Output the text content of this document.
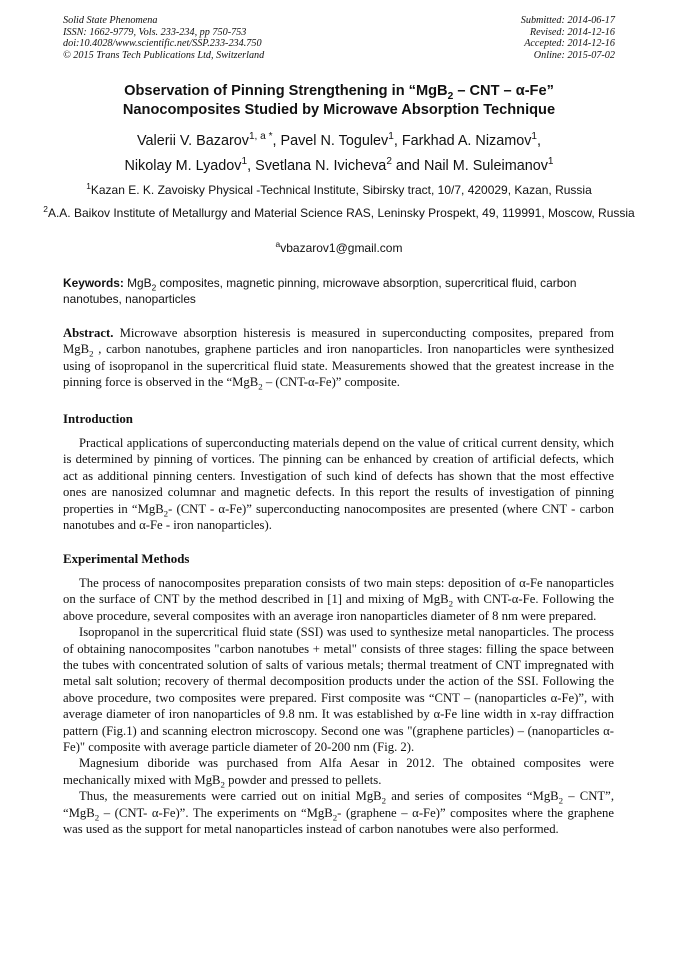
Solid State Phenomena
ISSN: 1662-9779, Vols. 233-234, pp 750-753
doi:10.4028/www.scientific.net/SSP.233-234.750
© 2015 Trans Tech Publications Ltd, Switzerland
Submitted: 2014-06-17
Revised: 2014-12-16
Accepted: 2014-12-16
Online: 2015-07-02
Observation of Pinning Strengthening in “MgB$_2$ – CNT – α-Fe”
Nanocomposites Studied by Microwave Absorption Technique
Valerii V. Bazarov$^{1, a *}$, Pavel N. Togulev$^1$, Farkhad A. Nizamov$^1$,
Nikolay M. Lyadov$^1$, Svetlana N. Ivicheva$^2$ and Nail M. Suleimanov$^1$
$^1$Kazan E. K. Zavoisky Physical -Technical Institute, Sibirsky tract, 10/7, 420029, Kazan, Russia
$^2$A.A. Baikov Institute of Metallurgy and Material Science RAS, Leninsky Prospekt, 49, 119991, Moscow, Russia
$^a$vbazarov1@gmail.com
Keywords: MgB$_2$ composites, magnetic pinning, microwave absorption, supercritical fluid, carbon nanotubes, nanoparticles

Abstract. Microwave absorption histeresis is measured in superconducting composites, prepared from MgB$_2$ , carbon nanotubes, graphene particles and iron nanoparticles. Iron nanoparticles were synthesized using of isopropanol in the supercritical fluid state. Measurements showed that the greatest increase in the pinning force is observed in the “MgB$_2$ – (CNT-α-Fe)” composite.

Introduction

Practical applications of superconducting materials depend on the value of critical current density, which is determined by pinning of vortices. The pinning can be enhanced by creation of artificial defects, which act as additional pinning centers. Investigation of such kind of defects has shown that the most effective ones are nanosized columnar and magnetic defects. In this report the results of investigation of pinning properties in “MgB$_2$- (CNT - α-Fe)” superconducting nanocomposites are presented (where CNT - carbon nanotubes and α-Fe - iron nanoparticles).

Experimental Methods

The process of nanocomposites preparation consists of two main steps: deposition of α-Fe nanoparticles on the surface of CNT by the method described in [1] and mixing of MgB$_2$ with CNT-α-Fe. Following the above procedure, several composites with an average iron nanoparticles diameter of 8 nm were prepared.

Isopropanol in the supercritical fluid state (SSI) was used to synthesize metal nanoparticles. The process of obtaining nanocomposites "carbon nanotubes + metal" consists of three stages: filling the space between the tubes with concentrated solution of salts of various metals; thermal treatment of CNT impregnated with metal salt solution; recovery of thermal decomposition products under the action of the SSI. Following the above procedure, two composites were prepared. First composite was “CNT – (nanoparticles α-Fe)”, with average diameter of iron nanoparticles of 9.8 nm. It was established by α-Fe line width in x-ray diffraction pattern (Fig.1) and scanning electron microscopy. Second one was "(graphene particles) – (nanoparticles α-Fe)" composite with average particle diameter of 20-200 nm (Fig. 2).

Magnesium diboride was purchased from Alfa Aesar in 2012. The obtained composites were mechanically mixed with MgB$_2$ powder and pressed to pellets.

Thus, the measurements were carried out on initial MgB$_2$ and series of composites “MgB$_2$ – CNT”, “MgB$_2$ – (CNT- α-Fe)”. The experiments on “MgB$_2$- (graphene – α-Fe)” composites where the graphene was used as the support for metal nanoparticles instead of carbon nanotubes were also performed.
